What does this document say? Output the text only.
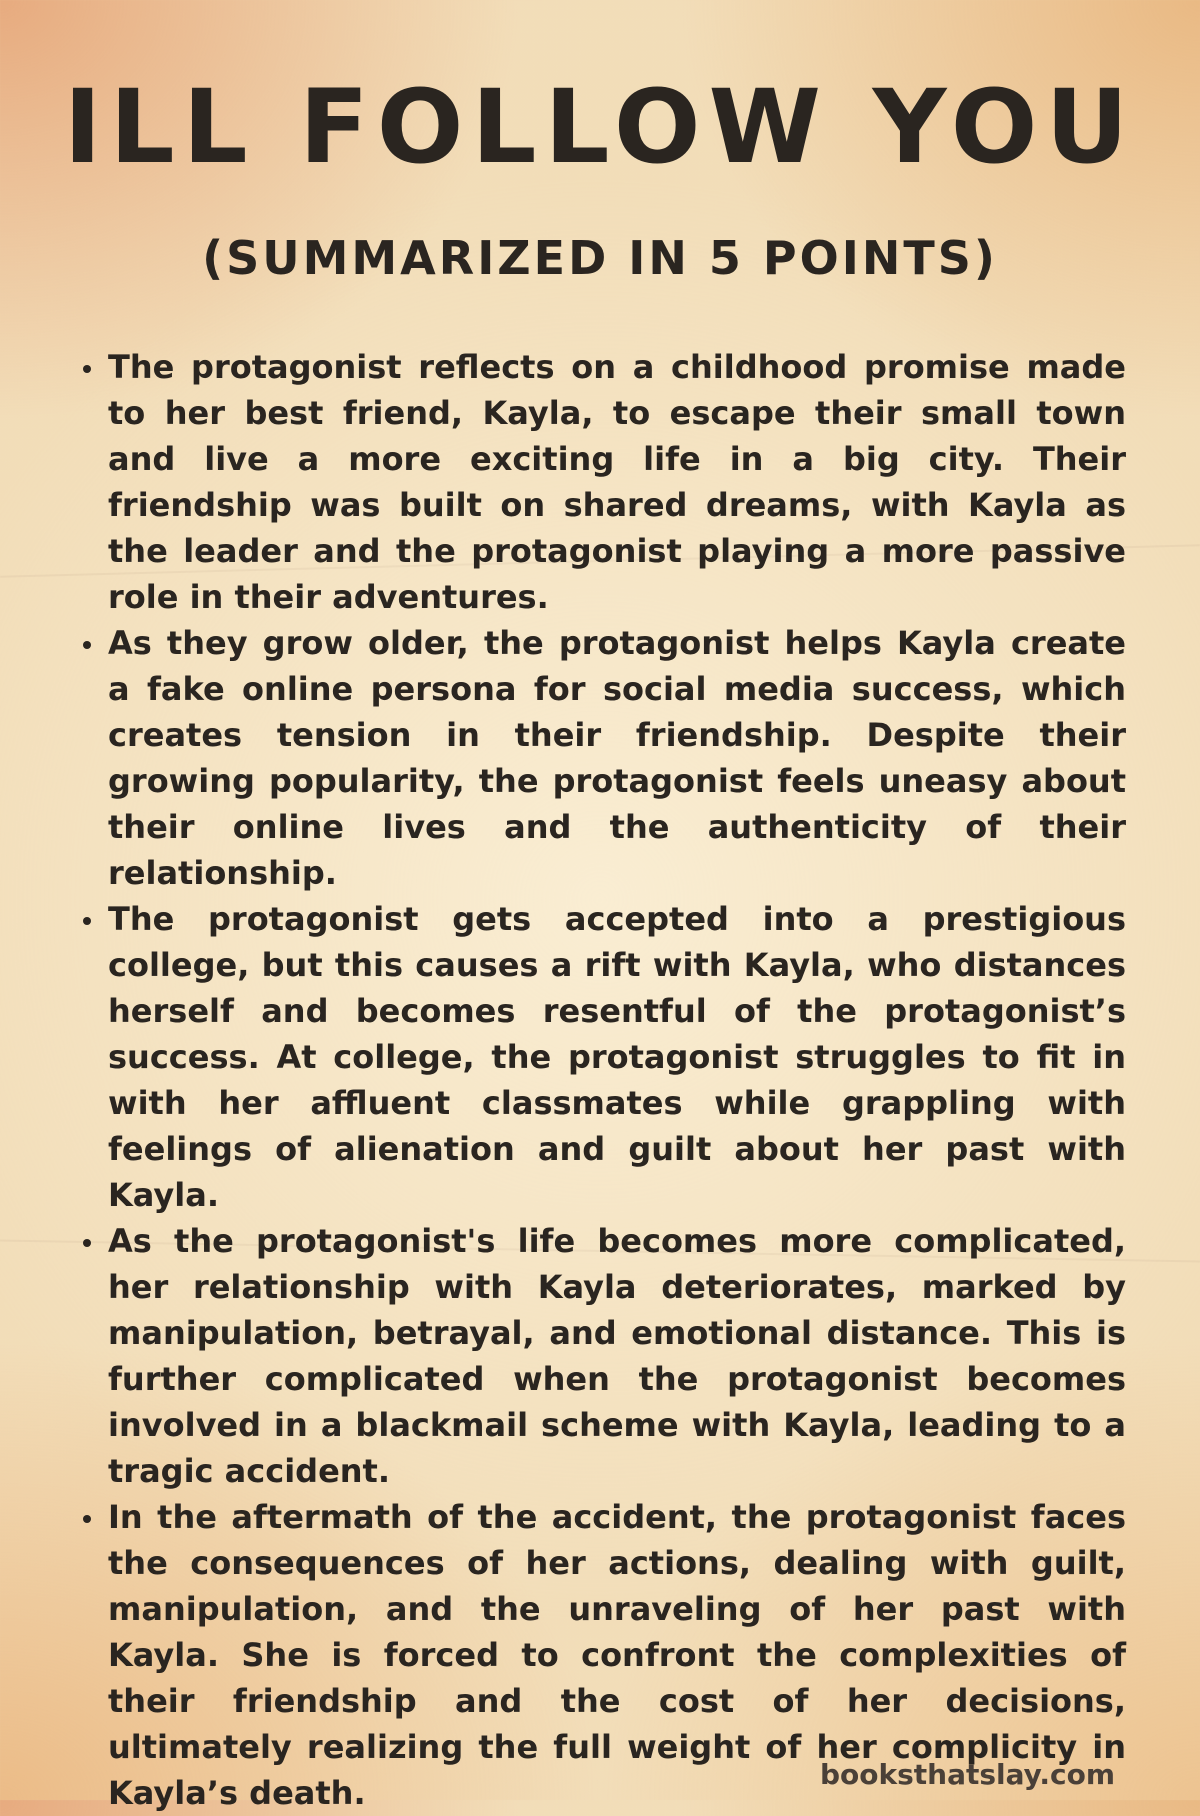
ILL FOLLOW YOU
(SUMMARIZED IN 5 POINTS)
The protagonist reflects on a childhood promise made to her best friend, Kayla, to escape their small town and live a more exciting life in a big city. Their friendship was built on shared dreams, with Kayla as the leader and the protagonist playing a more passive role in their adventures.
As they grow older, the protagonist helps Kayla create a fake online persona for social media success, which creates tension in their friendship. Despite their growing popularity, the protagonist feels uneasy about their online lives and the authenticity of their relationship.
The protagonist gets accepted into a prestigious college, but this causes a rift with Kayla, who distances herself and becomes resentful of the protagonist’s success. At college, the protagonist struggles to fit in with her affluent classmates while grappling with feelings of alienation and guilt about her past with Kayla.
As the protagonist's life becomes more complicated, her relationship with Kayla deteriorates, marked by manipulation, betrayal, and emotional distance. This is further complicated when the protagonist becomes involved in a blackmail scheme with Kayla, leading to a tragic accident.
In the aftermath of the accident, the protagonist faces the consequences of her actions, dealing with guilt, manipulation, and the unraveling of her past with Kayla. She is forced to confront the complexities of their friendship and the cost of her decisions, ultimately realizing the full weight of her complicity in Kayla’s death.	booksthatslay.com
